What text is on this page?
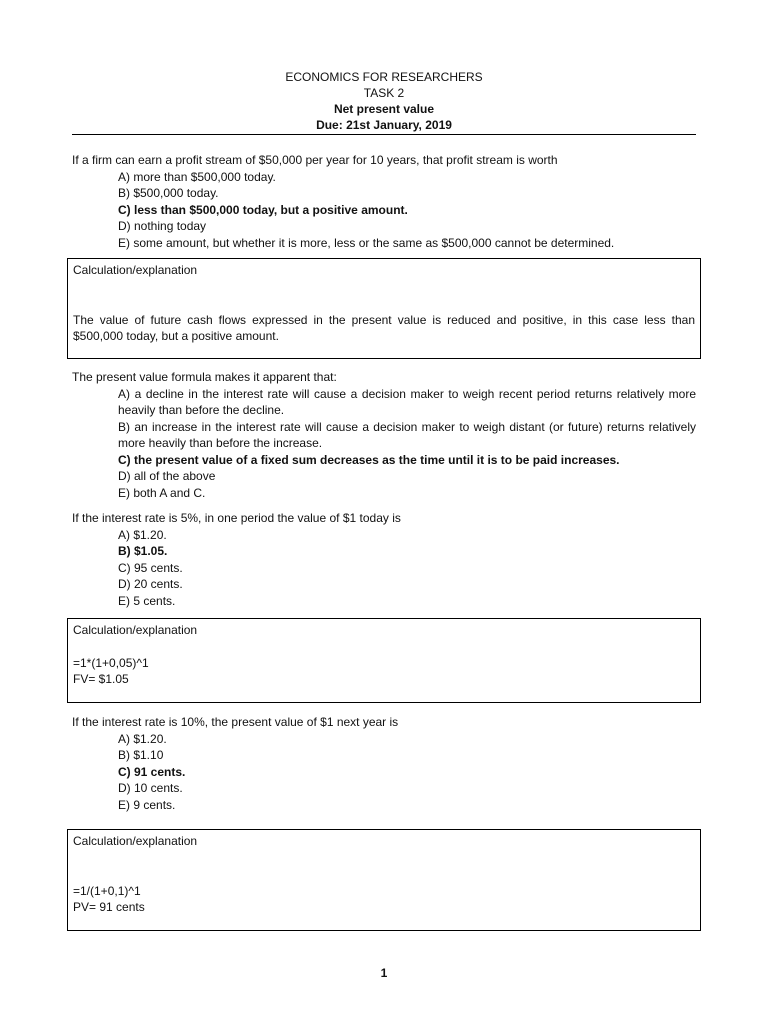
ECONOMICS FOR RESEARCHERS
TASK 2
Net present value
Due: 21st January, 2019

If a firm can earn a profit stream of $50,000 per year for 10 years, that profit stream is worth

A) more than $500,000 today.
B) $500,000 today.
C) less than $500,000 today, but a positive amount.
D) nothing today
E) some amount, but whether it is more, less or the same as $500,000 cannot be determined.

Calculation/explanation

The value of future cash flows expressed in the present value is reduced and positive, in this case less than $500,000 today, but a positive amount.

The present value formula makes it apparent that:

A) a decline in the interest rate will cause a decision maker to weigh recent period returns relatively more heavily than before the decline.
B) an increase in the interest rate will cause a decision maker to weigh distant (or future) returns relatively more heavily than before the increase.
C) the present value of a fixed sum decreases as the time until it is to be paid increases.
D) all of the above
E) both A and C.

If the interest rate is 5%, in one period the value of $1 today is

A) $1.20.
B) $1.05.
C) 95 cents.
D) 20 cents.
E) 5 cents.

Calculation/explanation

=1*(1+0,05)^1

FV= $1.05

If the interest rate is 10%, the present value of $1 next year is

A) $1.20.
B) $1.10
C) 91 cents.
D) 10 cents.
E) 9 cents.

Calculation/explanation

=1/(1+0,1)^1

PV= 91 cents

1
